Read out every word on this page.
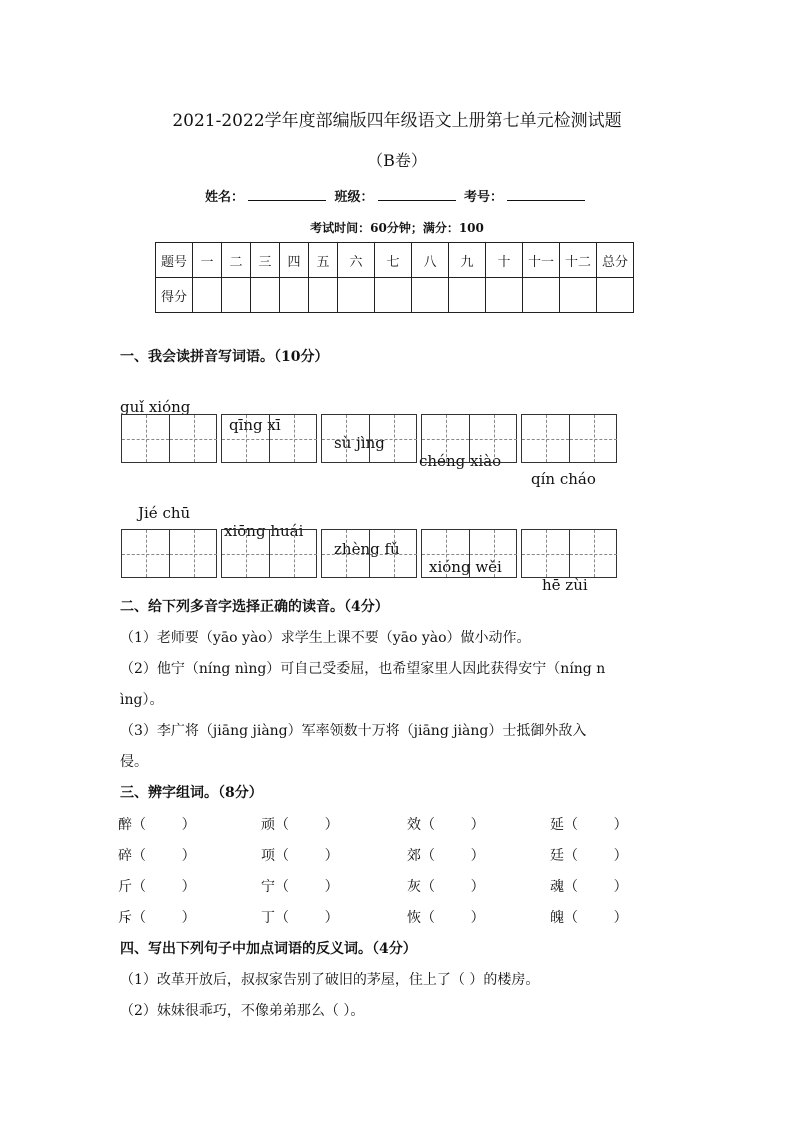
2021-2022学年度部编版四年级语文上册第七单元检测试题
（B卷）
姓名：	班级：	考号：
考试时间：60分钟；满分：100
题号	一	二	三	四	五	六	七	八	九	十	十一	十二	总分
得分													
一、我会读拼音写词语。（10分）

guǐ xióng

qīng xī

sù jìng

chéng xiào

qín cháo

Jié chū

xiōng huái

zhèng fǔ

xióng wěi

hē zùi

二、给下列多音字选择正确的读音。（4分）
（1）老师要（yāo yào）求学生上课不要（yāo yào）做小动作。
（2）他宁（níng nìng）可自己受委屈，也希望家里人因此获得安宁（níng n
ìng）。
（3）李广将（jiāng jiàng）军率领数十万将（jiāng jiàng）士抵御外敌入
侵。
三、辨字组词。（8分）
醉（        ）	顽（        ）	效（        ）	延（        ）
碎（        ）	项（        ）	郊（        ）	廷（        ）
斤（        ）	宁（        ）	灰（        ）	魂（        ）
斥（        ）	丁（        ）	恢（        ）	魄（        ）
四、写出下列句子中加点词语的反义词。（4分）
（1）改革开放后，叔叔家告别了破旧的茅屋，住上了（ ）的楼房。
（2）妹妹很乖巧，不像弟弟那么（ ）。
